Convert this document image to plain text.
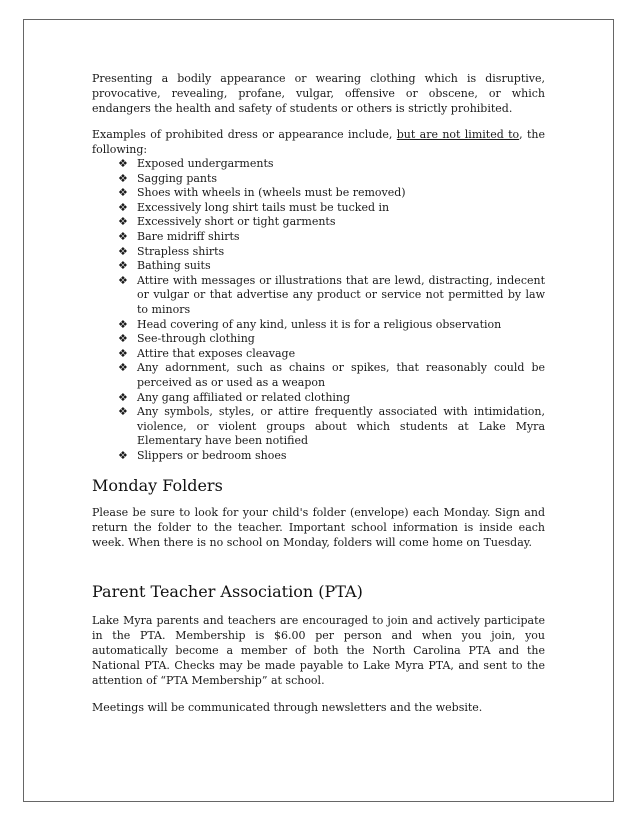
Presenting a bodily appearance or wearing clothing which is disruptive, provocative, revealing, profane, vulgar, offensive or obscene, or which endangers the health and safety of students or others is strictly prohibited.

Examples of prohibited dress or appearance include, but are not limited to, the following:

❖ Exposed undergarments
❖ Sagging pants
❖ Shoes with wheels in (wheels must be removed)
❖ Excessively long shirt tails must be tucked in
❖ Excessively short or tight garments
❖ Bare midriff shirts
❖ Strapless shirts
❖ Bathing suits
❖ Attire with messages or illustrations that are lewd, distracting, indecent or vulgar or that advertise any product or service not permitted by law to minors
❖ Head covering of any kind, unless it is for a religious observation
❖ See-through clothing
❖ Attire that exposes cleavage
❖ Any adornment, such as chains or spikes, that reasonably could be perceived as or used as a weapon
❖ Any gang affiliated or related clothing
❖ Any symbols, styles, or attire frequently associated with intimidation, violence, or violent groups about which students at Lake Myra Elementary have been notified
❖ Slippers or bedroom shoes
Monday Folders

Please be sure to look for your child's folder (envelope) each Monday. Sign and return the folder to the teacher. Important school information is inside each week. When there is no school on Monday, folders will come home on Tuesday.

Parent Teacher Association (PTA)

Lake Myra parents and teachers are encouraged to join and actively participate in the PTA. Membership is $6.00 per person and when you join, you automatically become a member of both the North Carolina PTA and the National PTA. Checks may be made payable to Lake Myra PTA, and sent to the attention of “PTA Membership” at school.

Meetings will be communicated through newsletters and the website.
